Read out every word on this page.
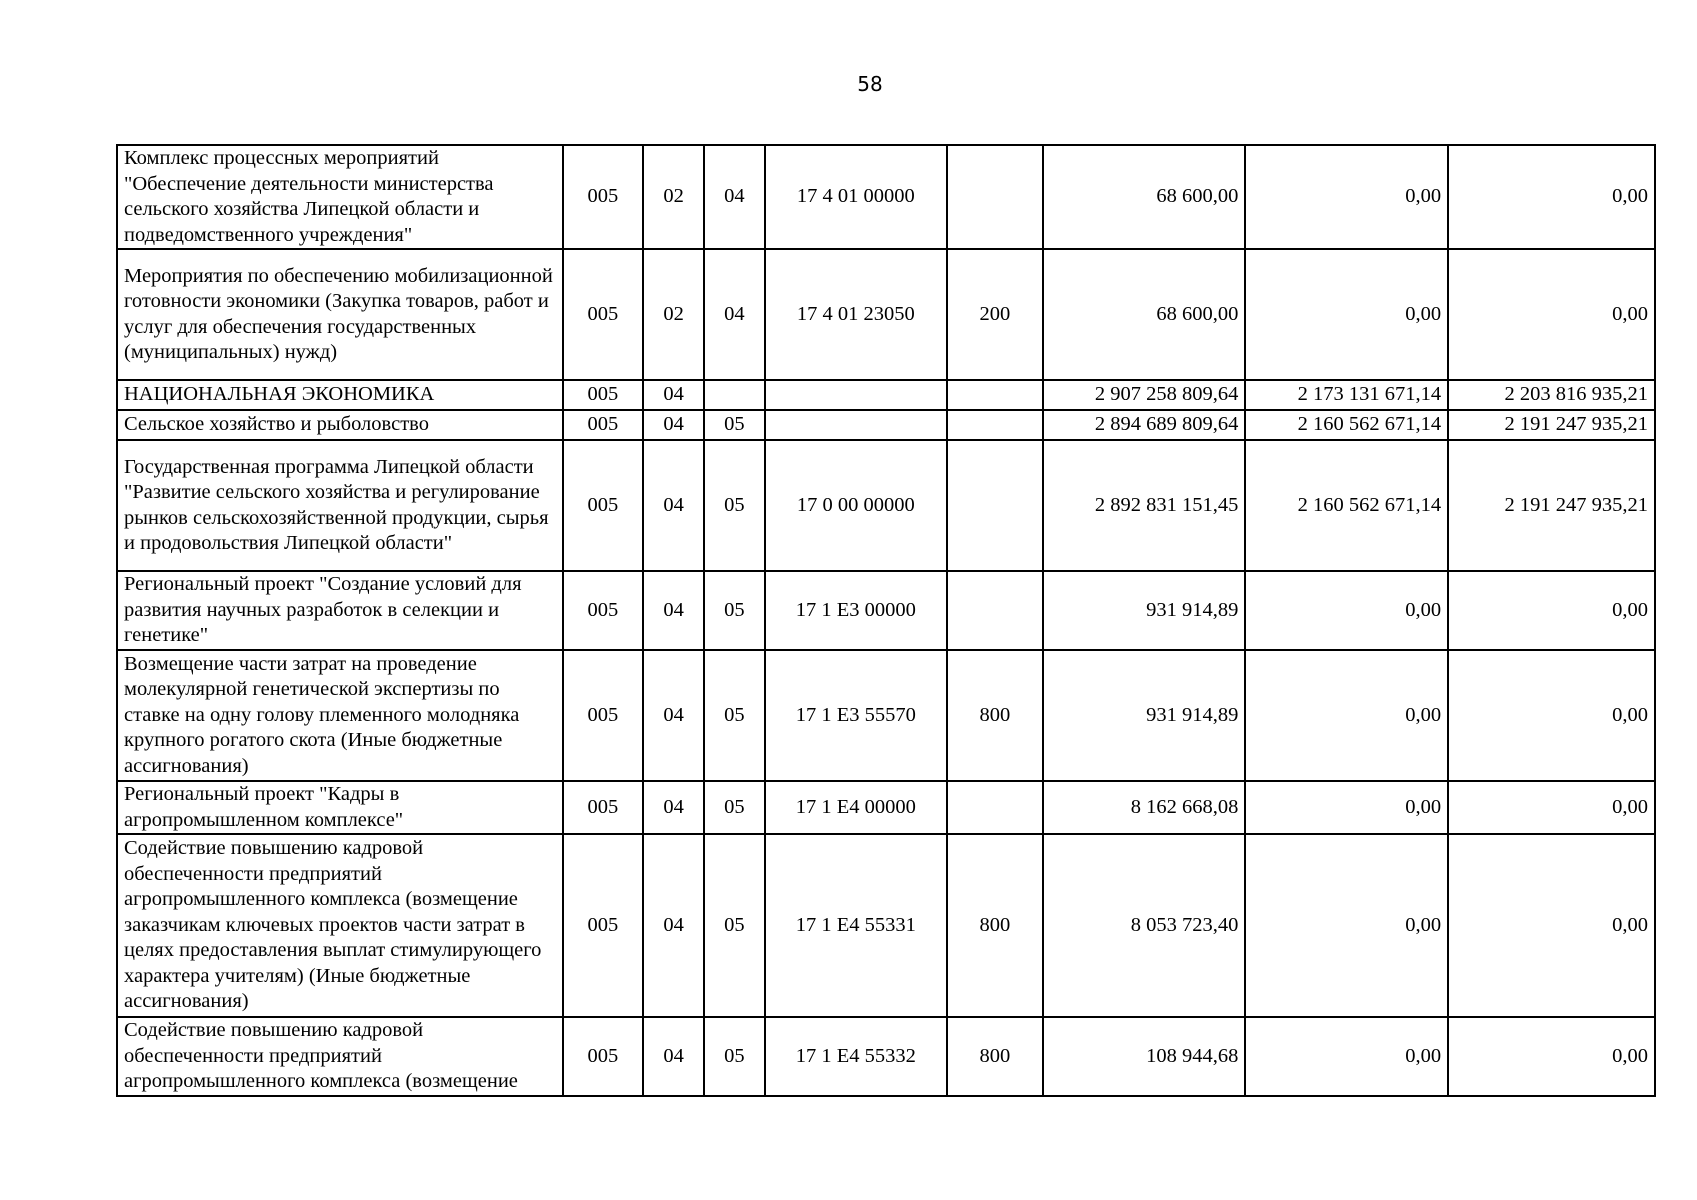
58
Комплекс процессных мероприятий "Обеспечение деятельности министерства сельского хозяйства Липецкой области и подведомственного учреждения"	005	02	04	17 4 01 00000		68 600,00	0,00	0,00
Мероприятия по обеспечению мобилизационной готовности экономики (Закупка товаров, работ и услуг для обеспечения государственных (муниципальных) нужд)	005	02	04	17 4 01 23050	200	68 600,00	0,00	0,00
НАЦИОНАЛЬНАЯ ЭКОНОМИКА	005	04				2 907 258 809,64	2 173 131 671,14	2 203 816 935,21
Сельское хозяйство и рыболовство	005	04	05			2 894 689 809,64	2 160 562 671,14	2 191 247 935,21
Государственная программа Липецкой области "Развитие сельского хозяйства и регулирование рынков сельскохозяйственной продукции, сырья и продовольствия Липецкой области"	005	04	05	17 0 00 00000		2 892 831 151,45	2 160 562 671,14	2 191 247 935,21
Региональный проект "Создание условий для развития научных разработок в селекции и генетике"	005	04	05	17 1 Е3 00000		931 914,89	0,00	0,00
Возмещение части затрат на проведение молекулярной генетической экспертизы по ставке на одну голову племенного молодняка крупного рогатого скота (Иные бюджетные ассигнования)	005	04	05	17 1 Е3 55570	800	931 914,89	0,00	0,00
Региональный проект "Кадры в агропромышленном комплексе"	005	04	05	17 1 Е4 00000		8 162 668,08	0,00	0,00
Содействие повышению кадровой обеспеченности предприятий агропромышленного комплекса (возмещение заказчикам ключевых проектов части затрат в целях предоставления выплат стимулирующего характера учителям) (Иные бюджетные ассигнования)	005	04	05	17 1 Е4 55331	800	8 053 723,40	0,00	0,00
Содействие повышению кадровой обеспеченности предприятий агропромышленного комплекса (возмещение	005	04	05	17 1 Е4 55332	800	108 944,68	0,00	0,00
